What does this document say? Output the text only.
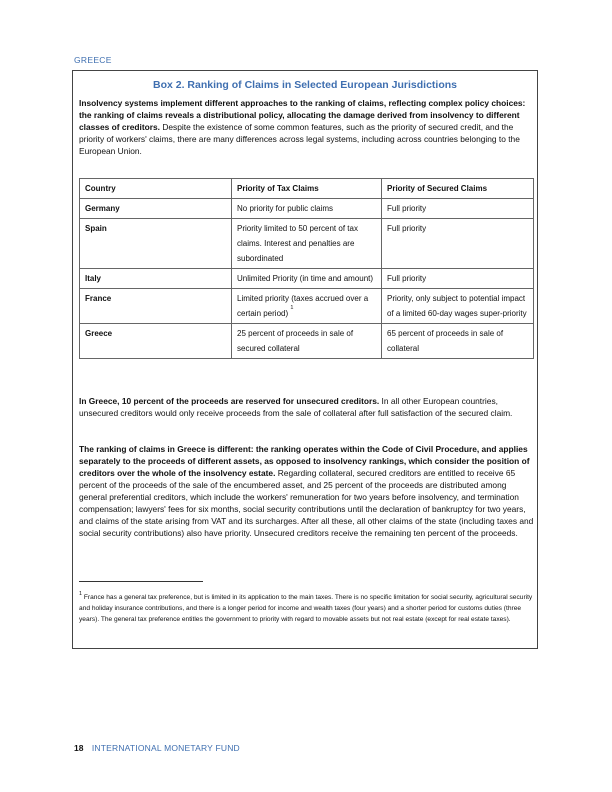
GREECE
Box 2. Ranking of Claims in Selected European Jurisdictions

Insolvency systems implement different approaches to the ranking of claims, reflecting complex policy choices: the ranking of claims reveals a distributional policy, allocating the damage derived from insolvency to different classes of creditors. Despite the existence of some common features, such as the priority of secured credit, and the priority of workers' claims, there are many differences across legal systems, including across countries belonging to the European Union.

Country	Priority of Tax Claims	Priority of Secured Claims
Germany	No priority for public claims	Full priority
Spain	Priority limited to 50 percent of tax claims. Interest and penalties are subordinated	Full priority
Italy	Unlimited Priority (in time and amount)	Full priority
France	Limited priority (taxes accrued over a certain period) $^1$	Priority, only subject to potential impact of a limited 60-day wages super-priority
Greece	25 percent of proceeds in sale of secured collateral	65 percent of proceeds in sale of collateral

In Greece, 10 percent of the proceeds are reserved for unsecured creditors. In all other European countries, unsecured creditors would only receive proceeds from the sale of collateral after full satisfaction of the secured claim.

The ranking of claims in Greece is different: the ranking operates within the Code of Civil Procedure, and applies separately to the proceeds of different assets, as opposed to insolvency rankings, which consider the position of creditors over the whole of the insolvency estate. Regarding collateral, secured creditors are entitled to receive 65 percent of the proceeds of the sale of the encumbered asset, and 25 percent of the proceeds are distributed among general preferential creditors, which include the workers' remuneration for two years before insolvency, and termination compensation; lawyers' fees for six months, social security contributions until the declaration of bankruptcy for two years, and claims of the state arising from VAT and its surcharges. After all these, all other claims of the state (including taxes and social security contributions) also have priority. Unsecured creditors receive the remaining ten percent of the proceeds.

$^1$ France has a general tax preference, but is limited in its application to the main taxes. There is no specific limitation for social security, agricultural security and holiday insurance contributions, and there is a longer period for income and wealth taxes (four years) and a shorter period for customs duties (three years). The general tax preference entitles the government to priority with regard to movable assets but not real estate (except for real estate taxes).

18 INTERNATIONAL MONETARY FUND
